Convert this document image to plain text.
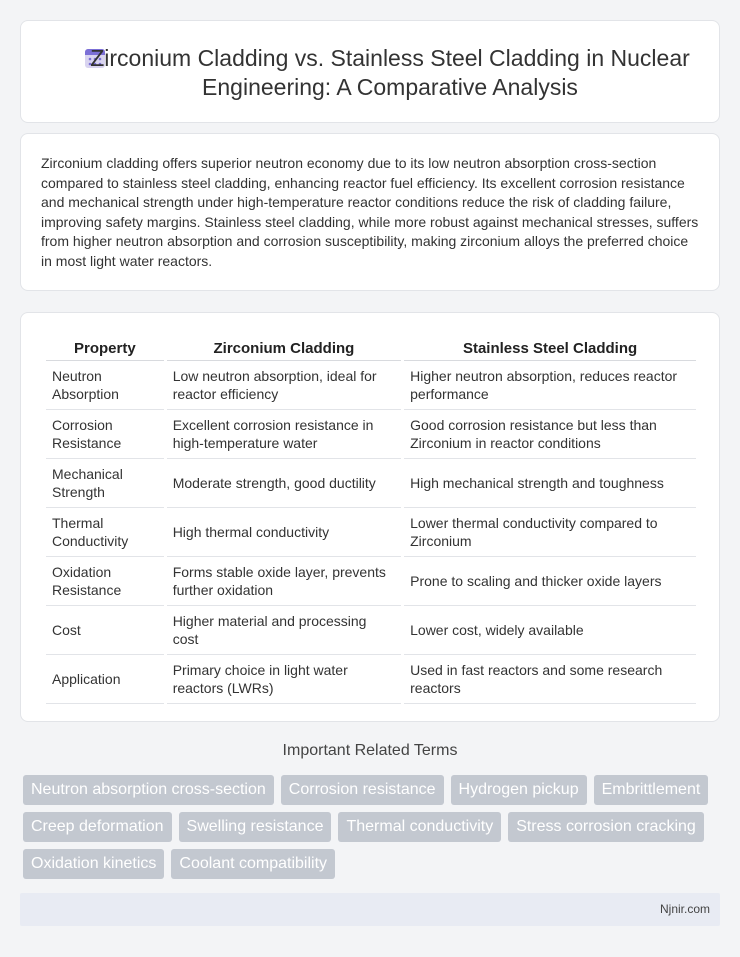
Zirconium Cladding vs. Stainless Steel Cladding in Nuclear Engineering: A Comparative Analysis

Zirconium cladding offers superior neutron economy due to its low neutron absorption cross-section compared to stainless steel cladding, enhancing reactor fuel efficiency. Its excellent corrosion resistance and mechanical strength under high-temperature reactor conditions reduce the risk of cladding failure, improving safety margins. Stainless steel cladding, while more robust against mechanical stresses, suffers from higher neutron absorption and corrosion susceptibility, making zirconium alloys the preferred choice in most light water reactors.

Property	Zirconium Cladding	Stainless Steel Cladding
Neutron Absorption	Low neutron absorption, ideal for reactor efficiency	Higher neutron absorption, reduces reactor performance
Corrosion Resistance	Excellent corrosion resistance in high-temperature water	Good corrosion resistance but less than Zirconium in reactor conditions
Mechanical Strength	Moderate strength, good ductility	High mechanical strength and toughness
Thermal Conductivity	High thermal conductivity	Lower thermal conductivity compared to Zirconium
Oxidation Resistance	Forms stable oxide layer, prevents further oxidation	Prone to scaling and thicker oxide layers
Cost	Higher material and processing cost	Lower cost, widely available
Application	Primary choice in light water reactors (LWRs)	Used in fast reactors and some research reactors
Important Related Terms
Neutron absorption cross-section	Corrosion resistance	Hydrogen pickup	Embrittlement
Creep deformation	Swelling resistance	Thermal conductivity	Stress corrosion cracking
Oxidation kinetics	Coolant compatibility
Njnir.com
